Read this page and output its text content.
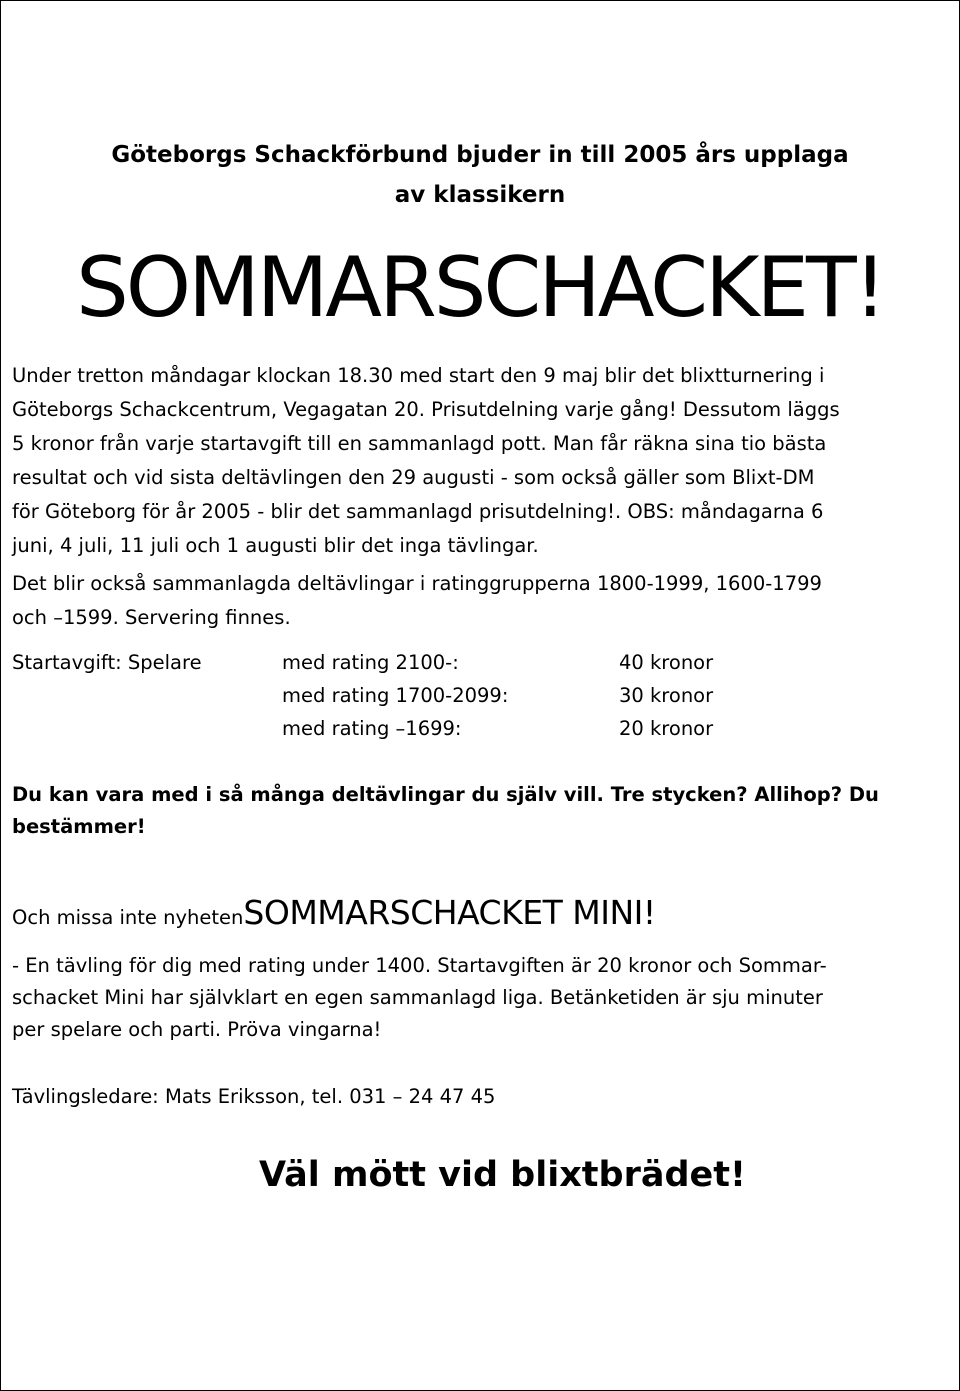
Göteborgs Schackförbund bjuder in till 2005 års upplaga
av klassikern
SOMMARSCHACKET!
Under tretton måndagar klockan 18.30 med start den 9 maj blir det blixtturnering i
Göteborgs Schackcentrum, Vegagatan 20. Prisutdelning varje gång! Dessutom läggs
5 kronor från varje startavgift till en sammanlagd pott. Man får räkna sina tio bästa
resultat och vid sista deltävlingen den 29 augusti - som också gäller som Blixt-DM
för Göteborg för år 2005 - blir det sammanlagd prisutdelning!. OBS: måndagarna 6
juni, 4 juli, 11 juli och 1 augusti blir det inga tävlingar.
Det blir också sammanlagda deltävlingar i ratinggrupperna 1800-1999, 1600-1799
och –1599. Servering finnes.
Startavgift: Spelare	med rating 2100-:	40 kronor
med rating 1700-2099:	30 kronor
med rating –1699:	20 kronor
Du kan vara med i så många deltävlingar du själv vill. Tre stycken? Allihop? Du
bestämmer!
Och missa inte nyhetenSOMMARSCHACKET MINI!
- En tävling för dig med rating under 1400. Startavgiften är 20 kronor och Sommar-
schacket Mini har självklart en egen sammanlagd liga. Betänketiden är sju minuter
per spelare och parti. Pröva vingarna!
Tävlingsledare: Mats Eriksson, tel. 031 – 24 47 45
Väl mött vid blixtbrädet!
